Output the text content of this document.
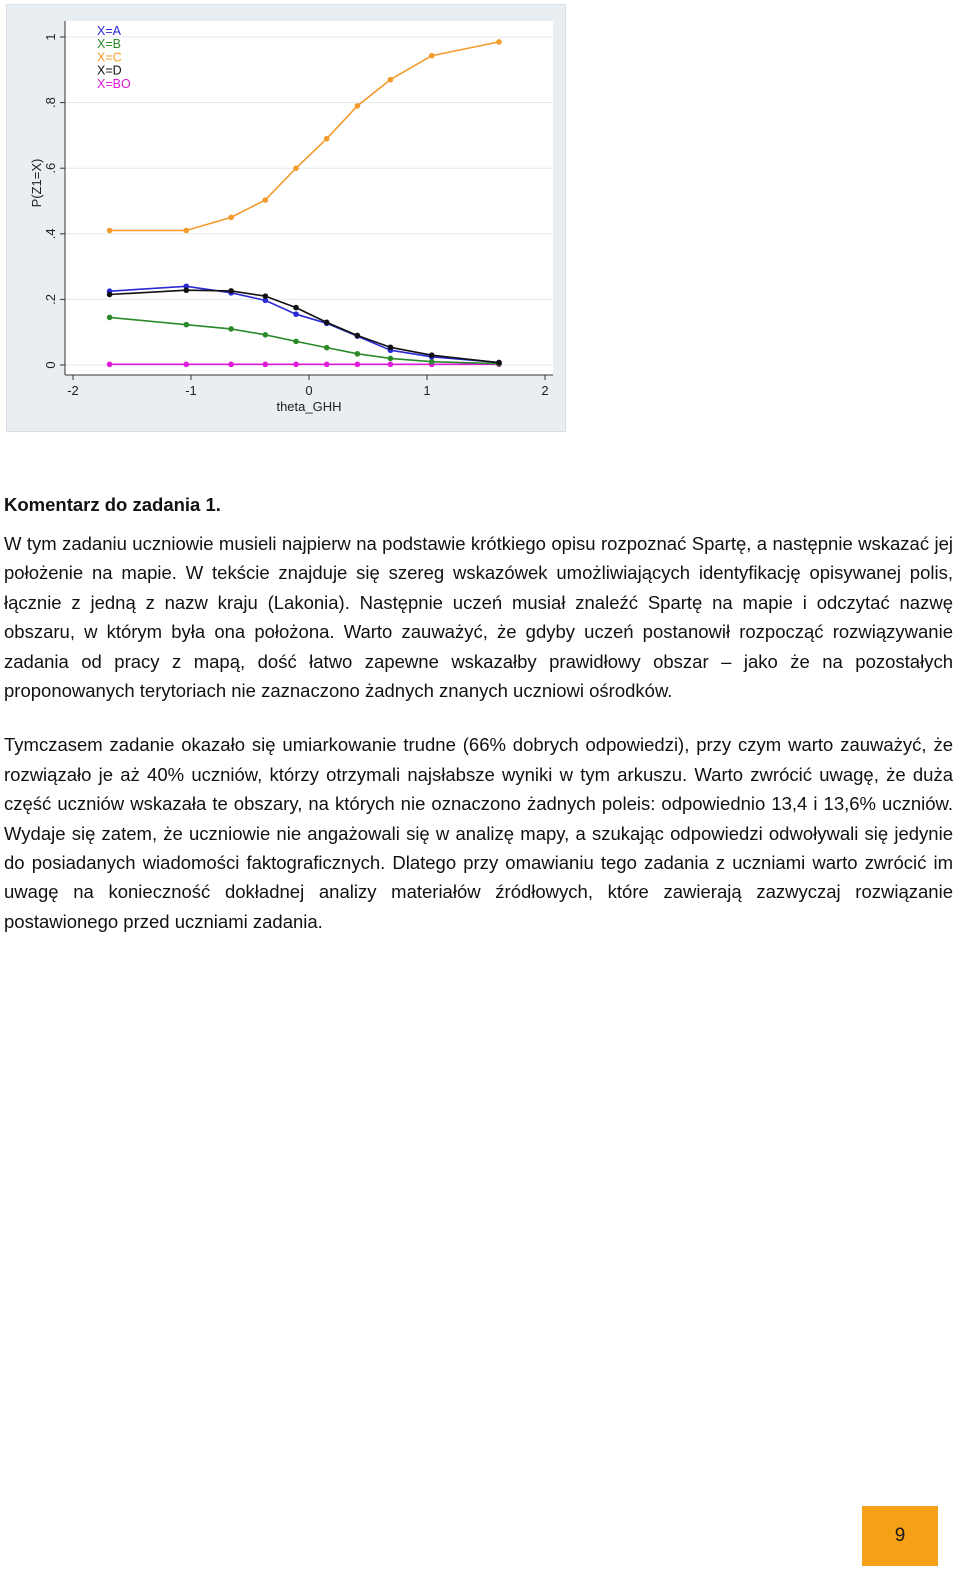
0
.2
.4
.6
.8
1
-2	-1	0	1	2
theta_GHH
P(Z1=X)
X=A
X=B
X=C
X=D
X=BO

Komentarz do zadania 1.

W tym zadaniu uczniowie musieli najpierw na podstawie krótkiego opisu rozpoznać Spartę, a następnie wskazać jej położenie na mapie. W tekście znajduje się szereg wskazówek umożliwiających identyfikację opisywanej polis, łącznie z jedną z nazw kraju (Lakonia). Następnie uczeń musiał znaleźć Spartę na mapie i odczytać nazwę obszaru, w którym była ona położona. Warto zauważyć, że gdyby uczeń postanowił rozpocząć rozwiązywanie zadania od pracy z mapą, dość łatwo zapewne wskazałby prawidłowy obszar – jako że na pozostałych proponowanych terytoriach nie zaznaczono żadnych znanych uczniowi ośrodków.

Tymczasem zadanie okazało się umiarkowanie trudne (66% dobrych odpowiedzi), przy czym warto zauważyć, że rozwiązało je aż 40% uczniów, którzy otrzymali najsłabsze wyniki w tym arkuszu. Warto zwrócić uwagę, że duża część uczniów wskazała te obszary, na których nie oznaczono żadnych poleis: odpowiednio 13,4 i 13,6% uczniów. Wydaje się zatem, że uczniowie nie angażowali się w analizę mapy, a szukając odpowiedzi odwoływali się jedynie do posiadanych wiadomości faktograficznych. Dlatego przy omawianiu tego zadania z uczniami warto zwrócić im uwagę na konieczność dokładnej analizy materiałów źródłowych, które zawierają zazwyczaj rozwiązanie postawionego przed uczniami zadania.

9
